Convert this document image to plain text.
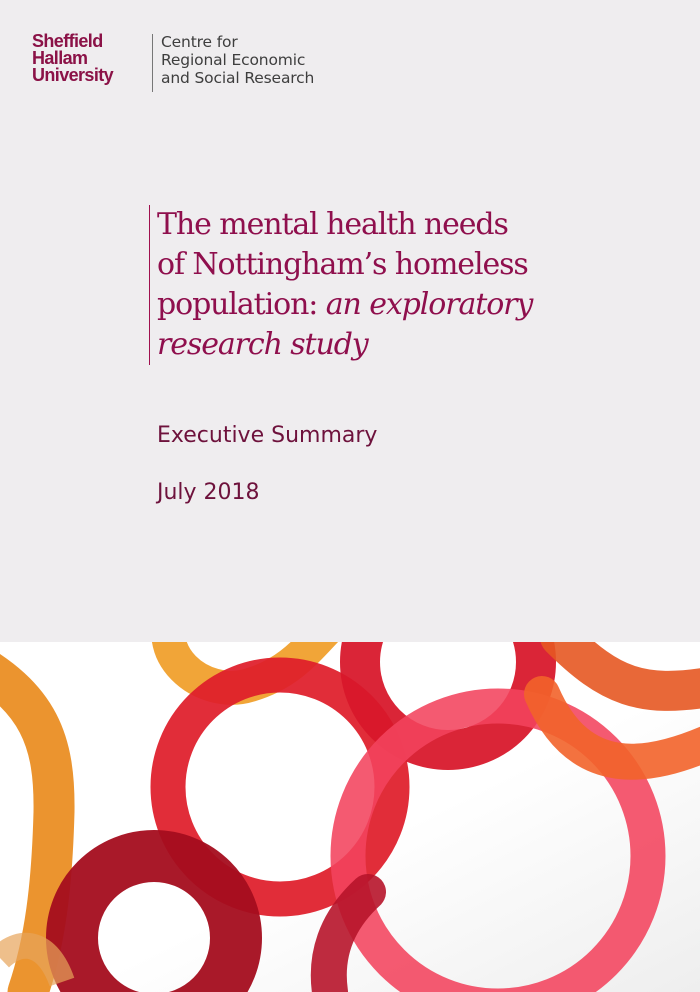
Sheffield
Hallam
University
Centre for
Regional Economic
and Social Research
The mental health needs
of Nottingham’s homeless
population: an exploratory
research study
Executive Summary
July 2018
